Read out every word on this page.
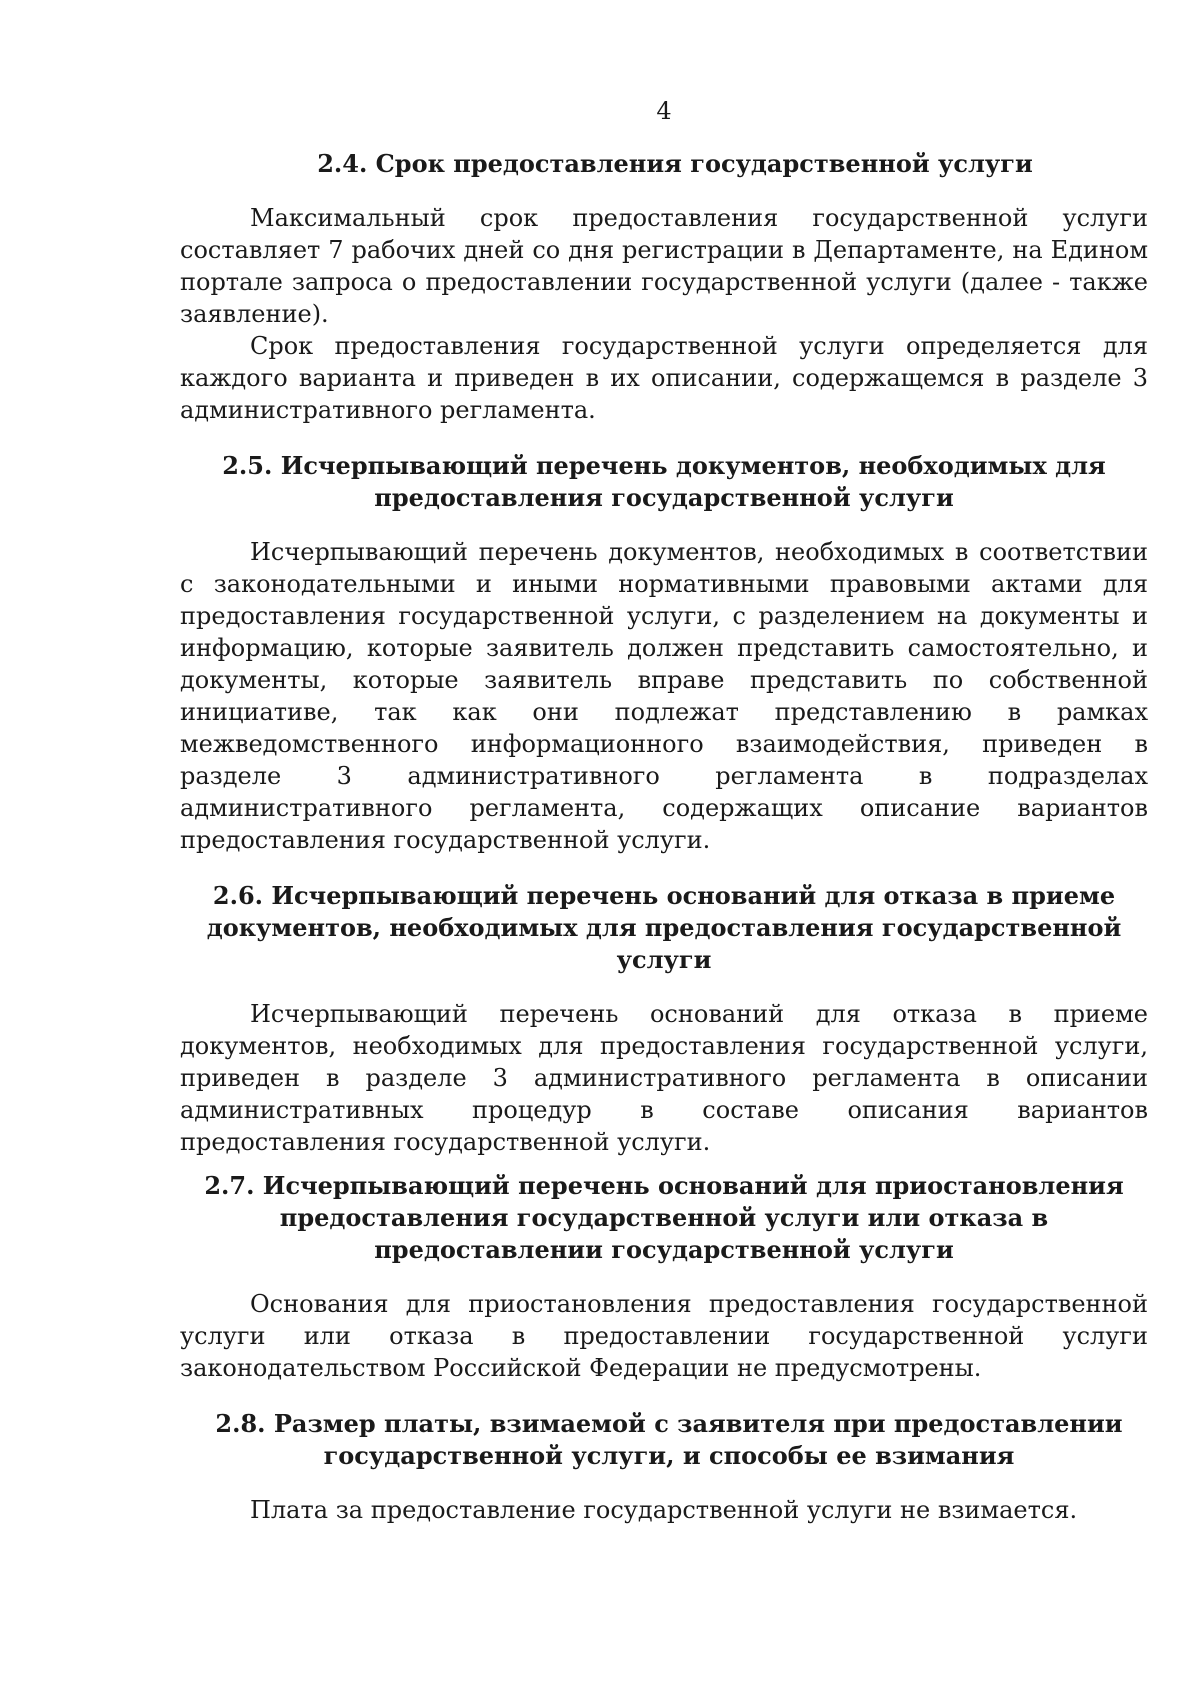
4
2.4. Срок предоставления государственной услуги

Максимальный срок предоставления государственной услуги составляет 7 рабочих дней со дня регистрации в Департаменте, на Едином портале запроса о предоставлении государственной услуги (далее - также заявление).

Срок предоставления государственной услуги определяется для каждого варианта и приведен в их описании, содержащемся в разделе 3 административного регламента.

2.5. Исчерпывающий перечень документов, необходимых для предоставления государственной услуги

Исчерпывающий перечень документов, необходимых в соответствии с законодательными и иными нормативными правовыми актами для предоставления государственной услуги, с разделением на документы и информацию, которые заявитель должен представить самостоятельно, и документы, которые заявитель вправе представить по собственной инициативе, так как они подлежат представлению в рамках межведомственного информационного взаимодействия, приведен в разделе 3 административного регламента в подразделах административного регламента, содержащих описание вариантов предоставления государственной услуги.

2.6. Исчерпывающий перечень оснований для отказа в приеме документов, необходимых для предоставления государственной услуги

Исчерпывающий перечень оснований для отказа в приеме документов, необходимых для предоставления государственной услуги, приведен в разделе 3 административного регламента в описании административных процедур в составе описания вариантов предоставления государственной услуги.

2.7. Исчерпывающий перечень оснований для приостановления предоставления государственной услуги или отказа в предоставлении государственной услуги

Основания для приостановления предоставления государственной услуги или отказа в предоставлении государственной услуги законодательством Российской Федерации не предусмотрены.

2.8. Размер платы, взимаемой с заявителя при предоставлении государственной услуги, и способы ее взимания

Плата за предоставление государственной услуги не взимается.
